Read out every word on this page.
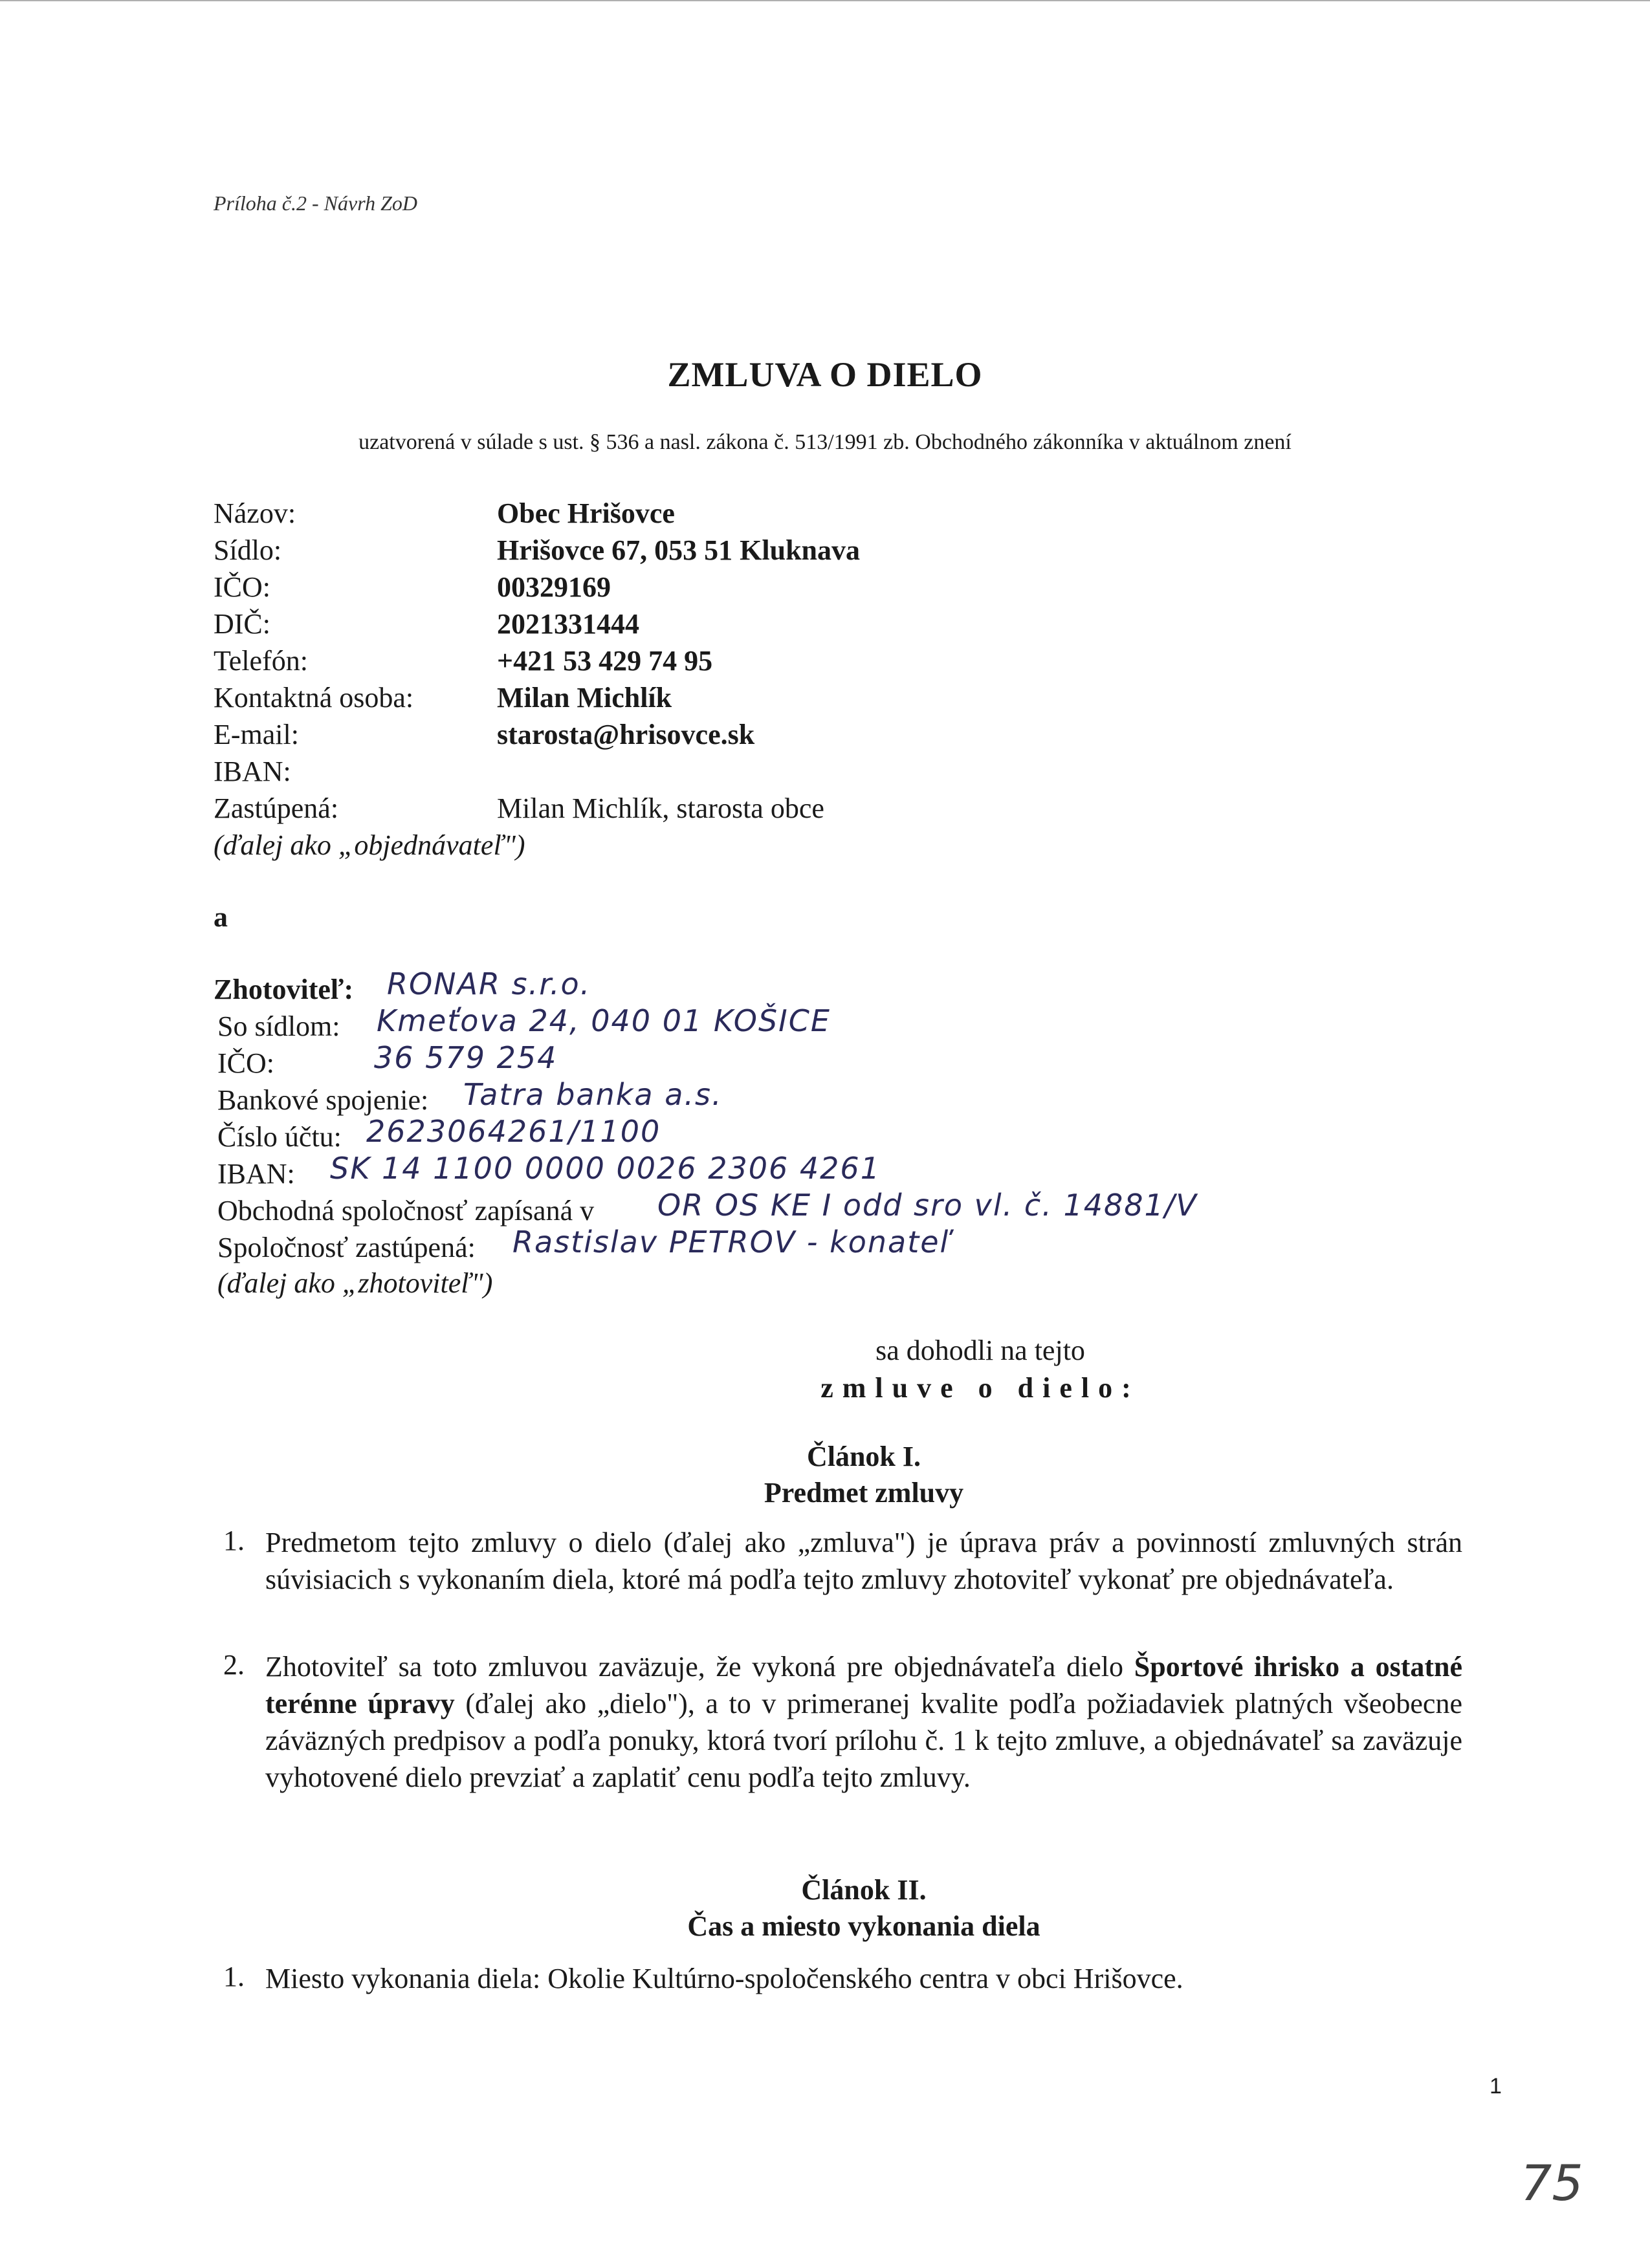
Príloha č.2 - Návrh ZoD
ZMLUVA O DIELO
uzatvorená v súlade s ust. § 536 a nasl. zákona č. 513/1991 zb. Obchodného zákonníka v aktuálnom znení
Názov:	Obec Hrišovce
Sídlo:	Hrišovce 67, 053 51 Kluknava
IČO:	00329169
DIČ:	2021331444
Telefón:	+421 53 429 74 95
Kontaktná osoba:	Milan Michlík
E-mail:	starosta@hrisovce.sk
IBAN:
Zastúpená:	Milan Michlík, starosta obce
(ďalej ako „objednávateľ")
a
Zhotoviteľ: RONAR s.r.o.
So sídlom: Kmeťova 24, 040 01 KOŠICE
IČO:	36 579 254
Bankové spojenie: Tatra banka a.s.
Číslo účtu: 2623064261/1100
IBAN: SK 14 1100 0000 0026 2306 4261
Obchodná spoločnosť zapísaná v OR OS KE I odd sro vl. č. 14881/V
Spoločnosť zastúpená: Rastislav PETROV - konateľ
(ďalej ako „zhotoviteľ")
sa dohodli na tejto
zmluve o dielo:
Článok I.
Predmet zmluvy
1. Predmetom tejto zmluvy o dielo (ďalej ako „zmluva") je úprava práv a povinností zmluvných strán súvisiacich s vykonaním diela, ktoré má podľa tejto zmluvy zhotoviteľ vykonať pre objednávateľa.
2. Zhotoviteľ sa toto zmluvou zaväzuje, že vykoná pre objednávateľa dielo Športové ihrisko a ostatné terénne úpravy (ďalej ako „dielo"), a to v primeranej kvalite podľa požiadaviek platných všeobecne záväzných predpisov a podľa ponuky, ktorá tvorí prílohu č. 1 k tejto zmluve, a objednávateľ sa zaväzuje vyhotovené dielo prevziať a zaplatiť cenu podľa tejto zmluvy.
Článok II.
Čas a miesto vykonania diela
1. Miesto vykonania diela: Okolie Kultúrno-spoločenského centra v obci Hrišovce.
1
75
